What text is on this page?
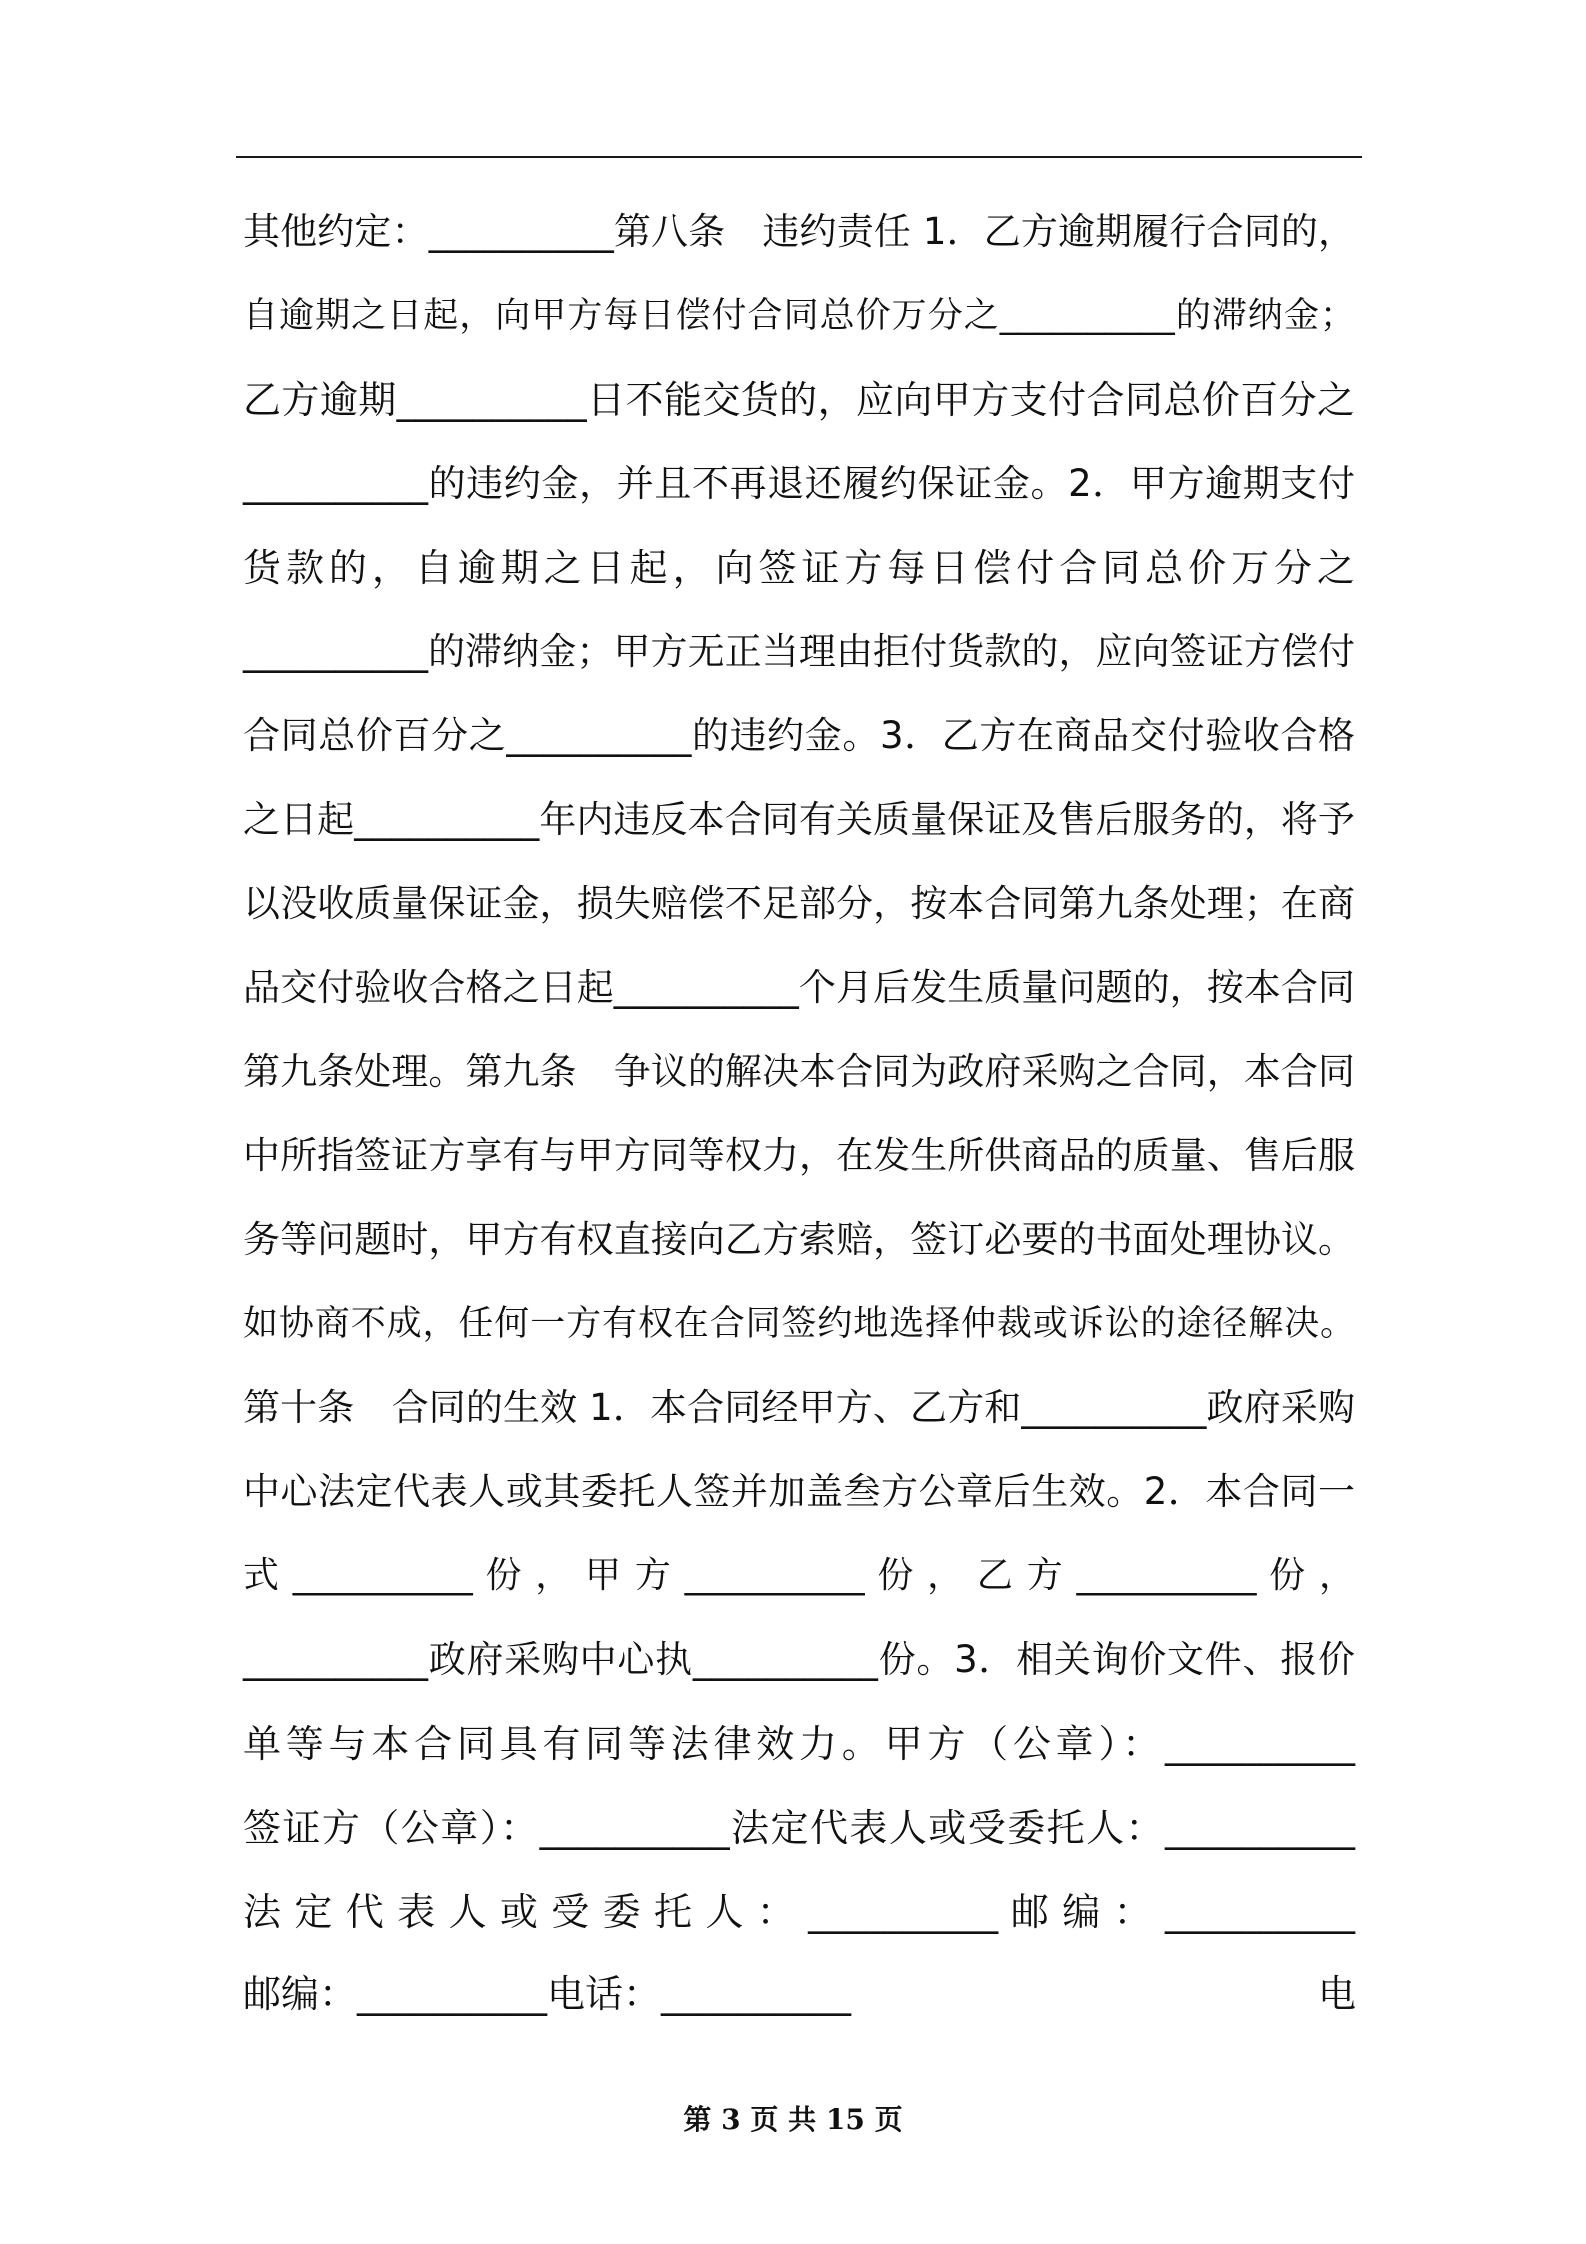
其他约定：__________第八条　违约责任 1．乙方逾期履行合同的，
自逾期之日起，向甲方每日偿付合同总价万分之__________的滞纳金；
乙方逾期__________日不能交货的，应向甲方支付合同总价百分之
__________的违约金，并且不再退还履约保证金。2．甲方逾期支付
货款的，自逾期之日起，向签证方每日偿付合同总价万分之
__________的滞纳金；甲方无正当理由拒付货款的，应向签证方偿付
合同总价百分之__________的违约金。3．乙方在商品交付验收合格
之日起__________年内违反本合同有关质量保证及售后服务的，将予
以没收质量保证金，损失赔偿不足部分，按本合同第九条处理；在商
品交付验收合格之日起__________个月后发生质量问题的，按本合同
第九条处理。第九条　争议的解决本合同为政府采购之合同，本合同
中所指签证方享有与甲方同等权力，在发生所供商品的质量、售后服
务等问题时，甲方有权直接向乙方索赔，签订必要的书面处理协议。
如协商不成，任何一方有权在合同签约地选择仲裁或诉讼的途径解决。
第十条　合同的生效 1．本合同经甲方、乙方和__________政府采购
中心法定代表人或其委托人签并加盖叁方公章后生效。2．本合同一
式 __________ 份 ， 甲 方 __________ 份 ， 乙 方 __________ 份 ，
__________政府采购中心执__________份。3．相关询价文件、报价
单等与本合同具有同等法律效力。甲方（公章）：__________
签证方（公章）：__________法定代表人或受委托人：__________
法 定 代 表 人 或 受 委 托 人 ： __________ 邮 编 ： __________
邮编：__________电话：__________	电
第 3 页 共 15 页
